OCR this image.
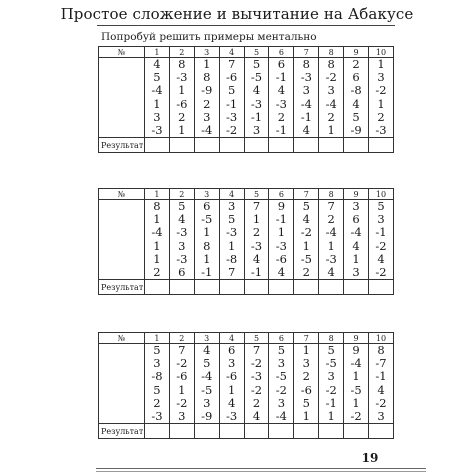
Простое сложение и вычитание на Абакусе
Попробуй решить примеры ментально
№	1	2	3	4	5	6	7	8	9	10
	4	8	1	7	5	6	8	8	2	1
	5	-3	8	-6	-5	-1	-3	-2	6	3
	-4	1	-9	5	4	4	3	3	-8	-2
	1	-6	2	-1	-3	-3	-4	-4	4	1
	3	2	3	-3	-1	2	-1	2	5	2
	-3	1	-4	-2	3	-1	4	1	-9	-3
Результат										
№	1	2	3	4	5	6	7	8	9	10
	8	5	6	3	7	9	5	7	3	5
	1	4	-5	5	1	-1	4	2	6	3
	-4	-3	1	-3	2	1	-2	-4	-4	-1
	1	3	8	1	-3	-3	1	1	4	-2
	1	-3	1	-8	4	-6	-5	-3	1	4
	2	6	-1	7	-1	4	2	4	3	-2
Результат										
№	1	2	3	4	5	6	7	8	9	10
	5	7	4	6	7	5	1	5	9	8
	3	-2	5	3	-2	3	3	-5	-4	-7
	-8	-6	-4	-6	-3	-5	2	3	1	-1
	5	1	-5	1	-2	-2	-6	-2	-5	4
	2	-2	3	4	2	3	5	-1	1	-2
	-3	3	-9	-3	4	-4	1	1	-2	3
Результат										
19
